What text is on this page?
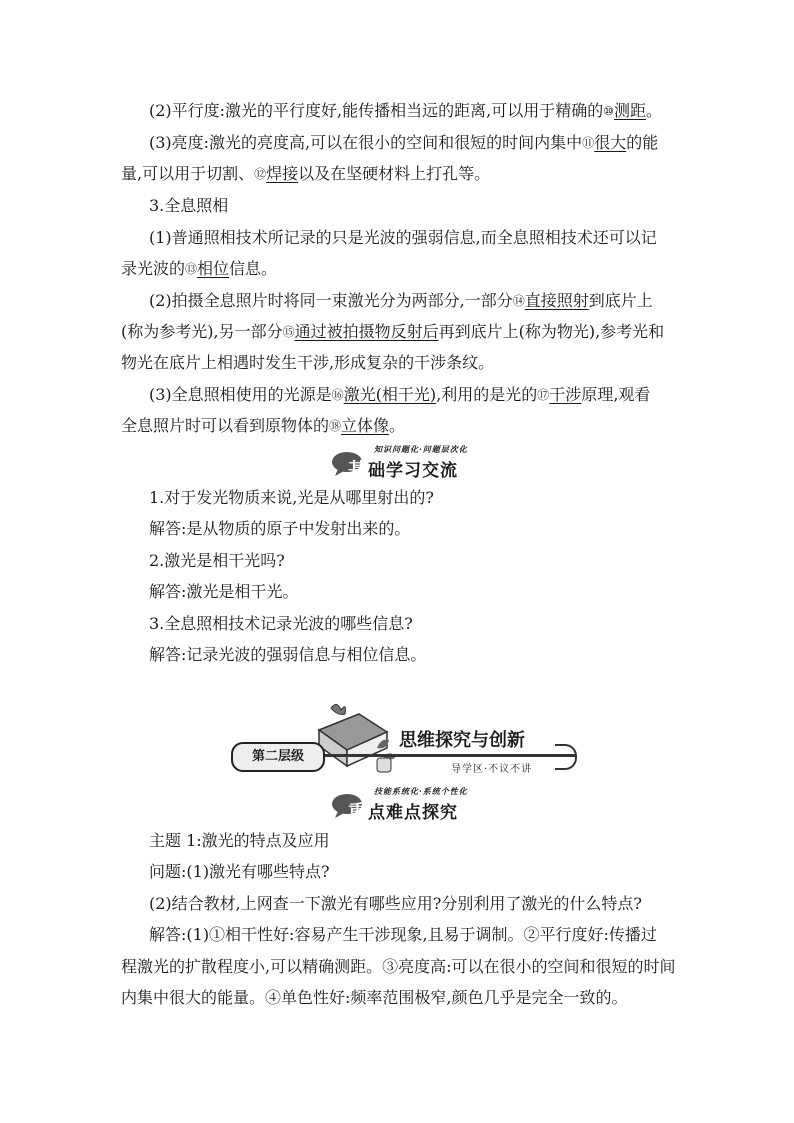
(2)平行度:激光的平行度好,能传播相当远的距离,可以用于精确的⑩测距。
(3)亮度:激光的亮度高,可以在很小的空间和很短的时间内集中⑪很大的能
量,可以用于切割、⑫焊接以及在坚硬材料上打孔等。
3.全息照相
(1)普通照相技术所记录的只是光波的强弱信息,而全息照相技术还可以记
录光波的⑬相位信息。
(2)拍摄全息照片时将同一束激光分为两部分,一部分⑭直接照射到底片上
(称为参考光),另一部分⑮通过被拍摄物反射后再到底片上(称为物光),参考光和
物光在底片上相遇时发生干涉,形成复杂的干涉条纹。
(3)全息照相使用的光源是⑯激光(相干光),利用的是光的⑰干涉原理,观看
全息照片时可以看到原物体的⑱立体像。
知识问题化·问题层次化
基础学习交流
1.对于发光物质来说,光是从哪里射出的?
解答:是从物质的原子中发射出来的。
2.激光是相干光吗?
解答:激光是相干光。
3.全息照相技术记录光波的哪些信息?
解答:记录光波的强弱信息与相位信息。
第二层级
思维探究与创新
导学区·不议不讲
技能系统化·系统个性化
重点难点探究
主题 1:激光的特点及应用
问题:(1)激光有哪些特点?
(2)结合教材,上网查一下激光有哪些应用?分别利用了激光的什么特点?
解答:(1)①相干性好:容易产生干涉现象,且易于调制。②平行度好:传播过
程激光的扩散程度小,可以精确测距。③亮度高:可以在很小的空间和很短的时间
内集中很大的能量。④单色性好:频率范围极窄,颜色几乎是完全一致的。
